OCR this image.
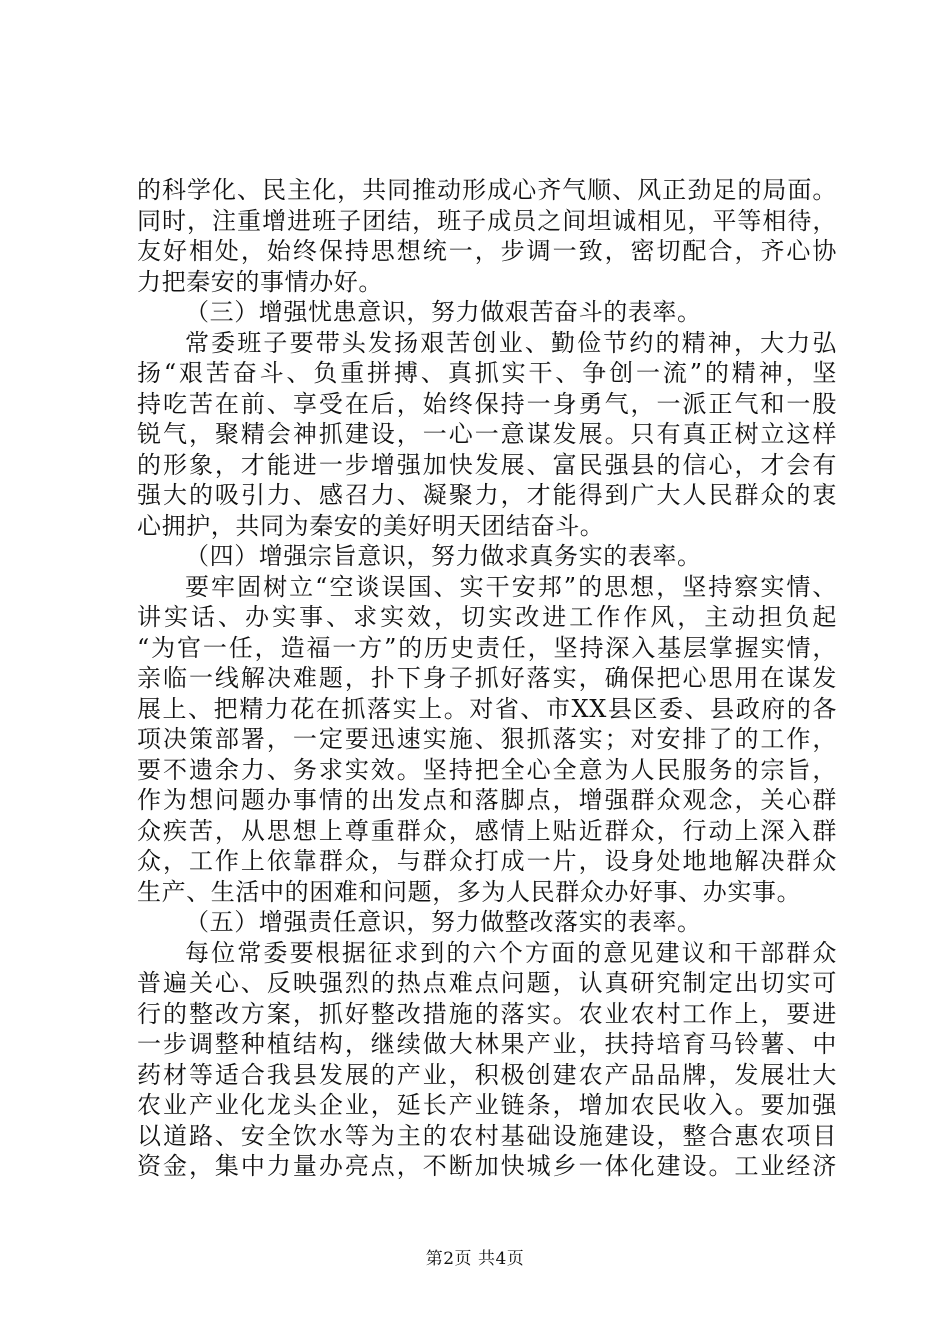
的科学化、民主化，共同推动形成心齐气顺、风正劲足的局面。
同时，注重增进班子团结，班子成员之间坦诚相见，平等相待，
友好相处，始终保持思想统一，步调一致，密切配合，齐心协
力把秦安的事情办好。
（三）增强忧患意识，努力做艰苦奋斗的表率。
常委班子要带头发扬艰苦创业、勤俭节约的精神，大力弘
扬“艰苦奋斗、负重拼搏、真抓实干、争创一流”的精神，坚
持吃苦在前、享受在后，始终保持一身勇气，一派正气和一股
锐气，聚精会神抓建设，一心一意谋发展。只有真正树立这样
的形象，才能进一步增强加快发展、富民强县的信心，才会有
强大的吸引力、感召力、凝聚力，才能得到广大人民群众的衷
心拥护，共同为秦安的美好明天团结奋斗。
（四）增强宗旨意识，努力做求真务实的表率。
要牢固树立“空谈误国、实干安邦”的思想，坚持察实情、
讲实话、办实事、求实效，切实改进工作作风，主动担负起
“为官一任，造福一方”的历史责任，坚持深入基层掌握实情，
亲临一线解决难题，扑下身子抓好落实，确保把心思用在谋发
展上、把精力花在抓落实上。对省、市XX县区委、县政府的各
项决策部署，一定要迅速实施、狠抓落实；对安排了的工作，
要不遗余力、务求实效。坚持把全心全意为人民服务的宗旨，
作为想问题办事情的出发点和落脚点，增强群众观念，关心群
众疾苦，从思想上尊重群众，感情上贴近群众，行动上深入群
众，工作上依靠群众，与群众打成一片，设身处地地解决群众
生产、生活中的困难和问题，多为人民群众办好事、办实事。
（五）增强责任意识，努力做整改落实的表率。
每位常委要根据征求到的六个方面的意见建议和干部群众
普遍关心、反映强烈的热点难点问题，认真研究制定出切实可
行的整改方案，抓好整改措施的落实。农业农村工作上，要进
一步调整种植结构，继续做大林果产业，扶持培育马铃薯、中
药材等适合我县发展的产业，积极创建农产品品牌，发展壮大
农业产业化龙头企业，延长产业链条，增加农民收入。要加强
以道路、安全饮水等为主的农村基础设施建设，整合惠农项目
资金，集中力量办亮点，不断加快城乡一体化建设。工业经济
第2页 共4页
